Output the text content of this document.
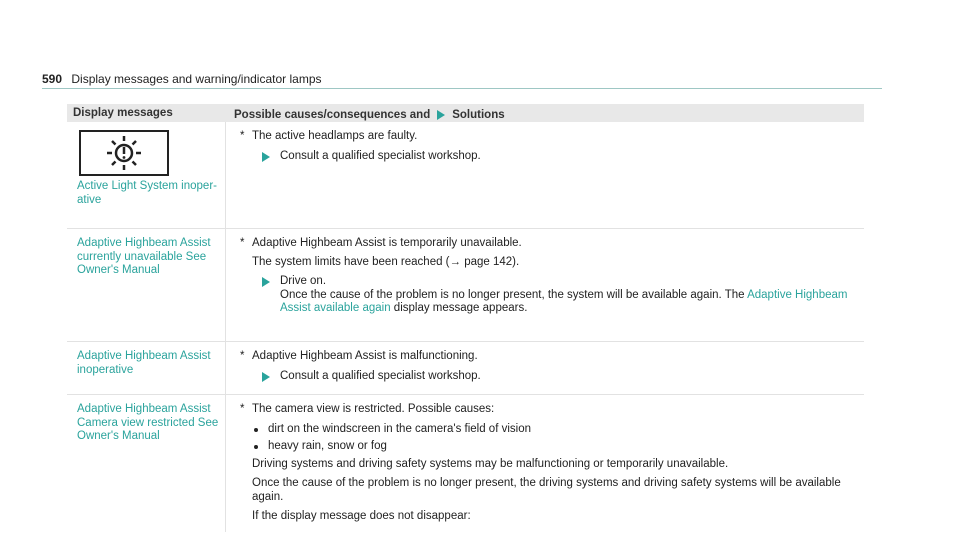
590 Display messages and warning/indicator lamps
Display messages	Possible causes/consequences and Solutions
Active Light System inoper- ative
* The active headlamps are faulty.
Consult a qualified specialist workshop.
Adaptive Highbeam Assist currently unavailable See Owner's Manual
* Adaptive Highbeam Assist is temporarily unavailable.
The system limits have been reached (→ page 142).
Drive on.
Once the cause of the problem is no longer present, the system will be available again. The Adaptive Highbeam Assist available again display message appears.
Adaptive Highbeam Assist inoperative
* Adaptive Highbeam Assist is malfunctioning.
Consult a qualified specialist workshop.
Adaptive Highbeam Assist Camera view restricted See Owner's Manual
* The camera view is restricted. Possible causes:
dirt on the windscreen in the camera's field of vision
heavy rain, snow or fog
Driving systems and driving safety systems may be malfunctioning or temporarily unavailable.
Once the cause of the problem is no longer present, the driving systems and driving safety systems will be available again.
If the display message does not disappear:
